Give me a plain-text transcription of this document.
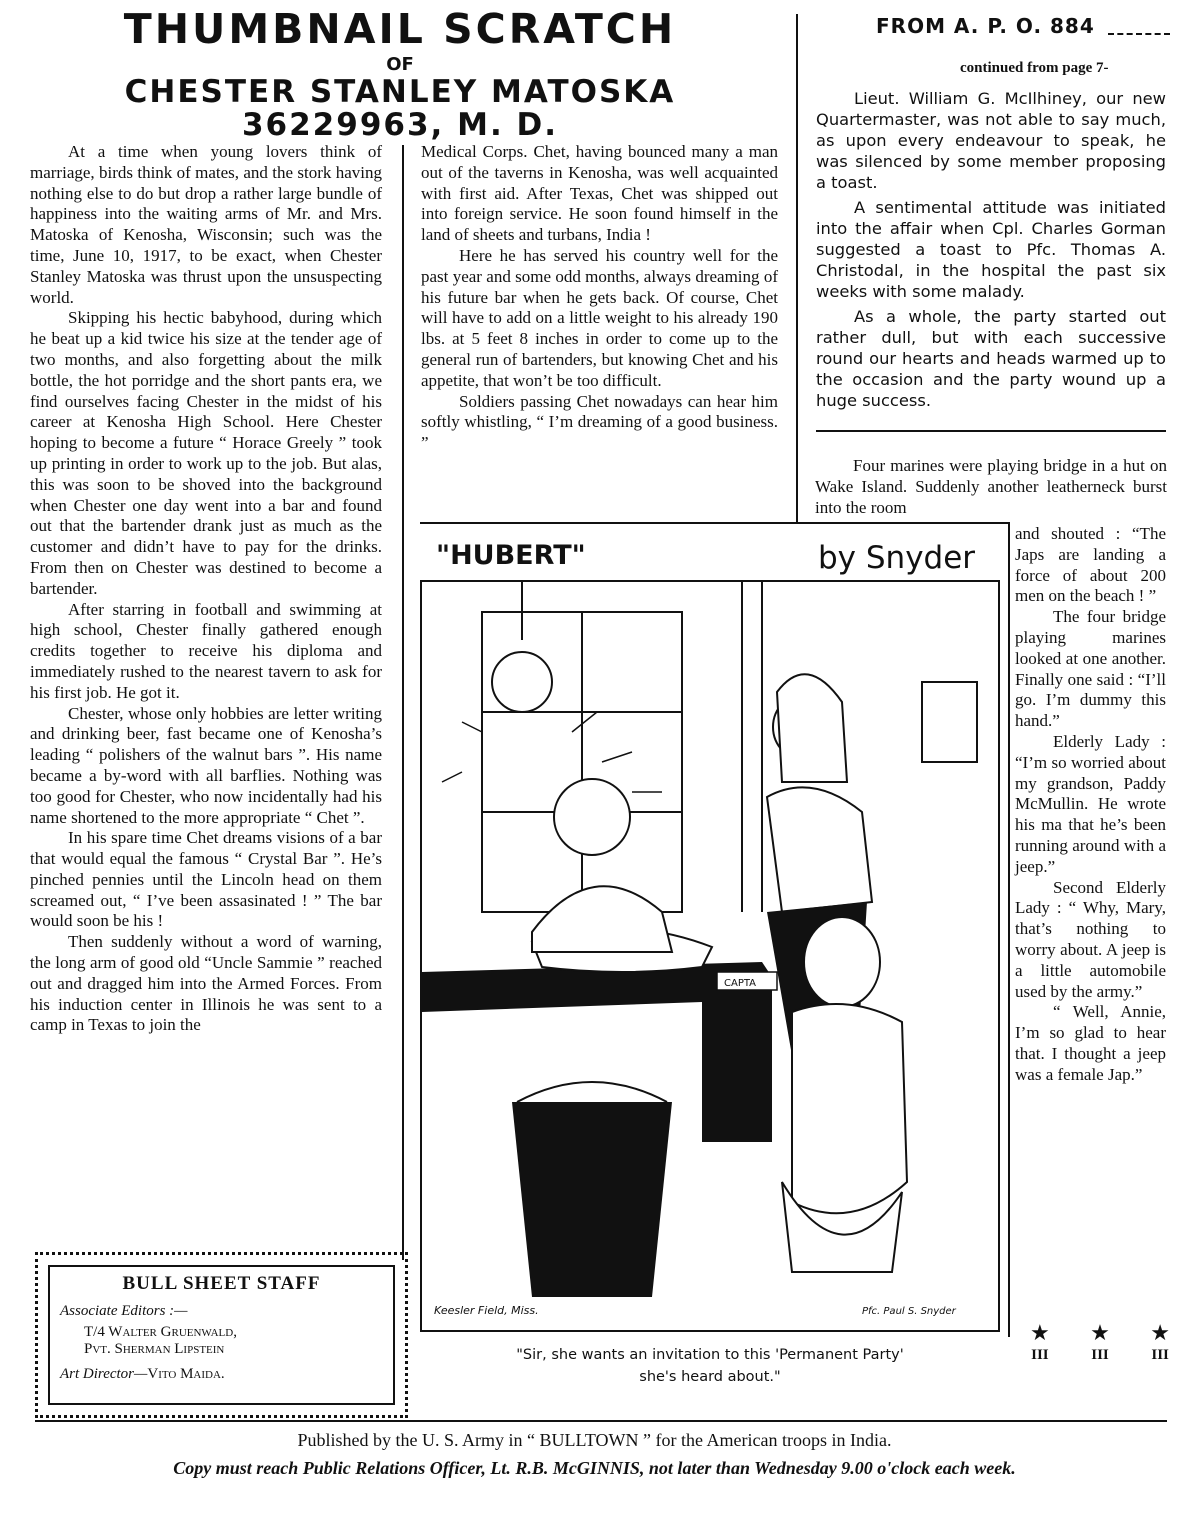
THUMBNAIL SCRATCH
OF
CHESTER STANLEY MATOSKA
36229963, M. D.

At a time when young lovers think of marriage, birds think of mates, and the stork having nothing else to do but drop a rather large bundle of happiness into the waiting arms of Mr. and Mrs. Matoska of Kenosha, Wisconsin; such was the time, June 10, 1917, to be exact, when Chester Stanley Matoska was thrust upon the unsuspecting world.

Skipping his hectic babyhood, during which he beat up a kid twice his size at the tender age of two months, and also forgetting about the milk bottle, the hot porridge and the short pants era, we find ourselves facing Chester in the midst of his career at Kenosha High School. Here Chester hoping to become a future “ Horace Greely ” took up printing in order to work up to the job. But alas, this was soon to be shoved into the background when Chester one day went into a bar and found out that the bartender drank just as much as the customer and didn’t have to pay for the drinks. From then on Chester was destined to become a bartender.

After starring in football and swimming at high school, Chester finally gathered enough credits together to receive his diploma and immediately rushed to the nearest tavern to ask for his first job. He got it.

Chester, whose only hobbies are letter writing and drinking beer, fast became one of Kenosha’s leading “ polishers of the walnut bars ”. His name became a by-word with all barflies. Nothing was too good for Chester, who now incidentally had his name shortened to the more appropriate “ Chet ”.

In his spare time Chet dreams visions of a bar that would equal the famous “ Crystal Bar ”. He’s pinched pennies until the Lincoln head on them screamed out, “ I’ve been assasinated ! ” The bar would soon be his !

Then suddenly without a word of warning, the long arm of good old “Uncle Sammie ” reached out and dragged him into the Armed Forces. From his induction center in Illinois he was sent to a camp in Texas to join the

Medical Corps. Chet, having bounced many a man out of the taverns in Kenosha, was well acquainted with first aid. After Texas, Chet was shipped out into foreign service. He soon found himself in the land of sheets and turbans, India !

Here he has served his country well for the past year and some odd months, always dreaming of his future bar when he gets back. Of course, Chet will have to add on a little weight to his already 190 lbs. at 5 feet 8 inches in order to come up to the general run of bartenders, but knowing Chet and his appetite, that won’t be too difficult.

Soldiers passing Chet nowadays can hear him softly whistling, “ I’m dreaming of a good business. ”

FROM A. P. O. 884
continued from page 7-

Lieut. William G. McIlhiney, our new Quartermaster, was not able to say much, as upon every endeavour to speak, he was silenced by some member proposing a toast.

A sentimental attitude was initiated into the affair when Cpl. Charles Gorman suggested a toast to Pfc. Thomas A. Christodal, in the hospital the past six weeks with some malady.

As a whole, the party started out rather dull, but with each successive round our hearts and heads warmed up to the occasion and the party wound up a huge success.

Four marines were playing bridge in a hut on Wake Island. Suddenly another leatherneck burst into the room

and shouted : “The Japs are landing a force of about 200 men on the beach ! ”

The four bridge playing marines looked at one another. Finally one said : “I’ll go. I’m dummy this hand.”

Elderly Lady : “I’m so worried about my grandson, Paddy McMullin. He wrote his ma that he’s been running around with a jeep.”

Second Elderly Lady : “ Why, Mary, that’s nothing to worry about. A jeep is a little automobile used by the army.”

“ Well, Annie, I’m so glad to hear that. I thought a jeep was a female Jap.”

★
III
★
III
★
III
"HUBERT"	by Snyder
CAPTA
Keesler Field, Miss.	Pfc. Paul S. Snyder
"Sir, she wants an invitation to this 'Permanent Party'
she's heard about."
BULL SHEET STAFF
Associate Editors :—
T/4 Walter Gruenwald,
Pvt. Sherman Lipstein
Art Director—Vito Maida.
Published by the U. S. Army in “ BULLTOWN ” for the American troops in India.
Copy must reach Public Relations Officer, Lt. R.B. McGINNIS, not later than Wednesday 9.00 o'clock each week.
